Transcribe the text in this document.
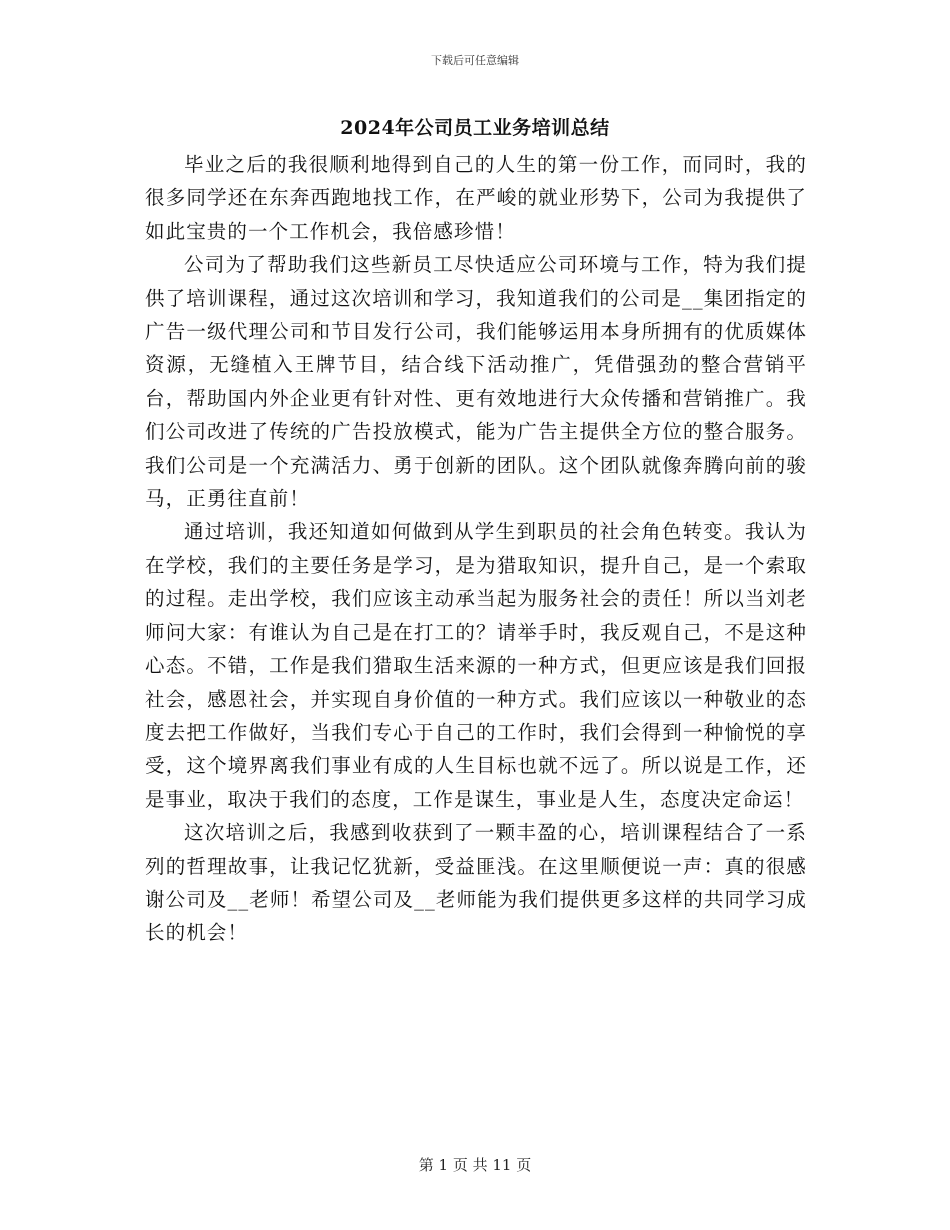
下载后可任意编辑
2024年公司员工业务培训总结

毕业之后的我很顺利地得到自己的人生的第一份工作，而同时，我的很多同学还在东奔西跑地找工作，在严峻的就业形势下，公司为我提供了如此宝贵的一个工作机会，我倍感珍惜！

公司为了帮助我们这些新员工尽快适应公司环境与工作，特为我们提供了培训课程，通过这次培训和学习，我知道我们的公司是__集团指定的广告一级代理公司和节目发行公司，我们能够运用本身所拥有的优质媒体资源，无缝植入王牌节目，结合线下活动推广，凭借强劲的整合营销平台，帮助国内外企业更有针对性、更有效地进行大众传播和营销推广。我们公司改进了传统的广告投放模式，能为广告主提供全方位的整合服务。我们公司是一个充满活力、勇于创新的团队。这个团队就像奔腾向前的骏马，正勇往直前！

通过培训，我还知道如何做到从学生到职员的社会角色转变。我认为在学校，我们的主要任务是学习，是为猎取知识，提升自己，是一个索取的过程。走出学校，我们应该主动承当起为服务社会的责任！所以当刘老师问大家：有谁认为自己是在打工的？请举手时，我反观自己，不是这种心态。不错，工作是我们猎取生活来源的一种方式，但更应该是我们回报社会，感恩社会，并实现自身价值的一种方式。我们应该以一种敬业的态度去把工作做好，当我们专心于自己的工作时，我们会得到一种愉悦的享受，这个境界离我们事业有成的人生目标也就不远了。所以说是工作，还是事业，取决于我们的态度，工作是谋生，事业是人生，态度决定命运！

这次培训之后，我感到收获到了一颗丰盈的心，培训课程结合了一系列的哲理故事，让我记忆犹新，受益匪浅。在这里顺便说一声：真的很感谢公司及__老师！希望公司及__老师能为我们提供更多这样的共同学习成长的机会！

第 1 页 共 11 页
